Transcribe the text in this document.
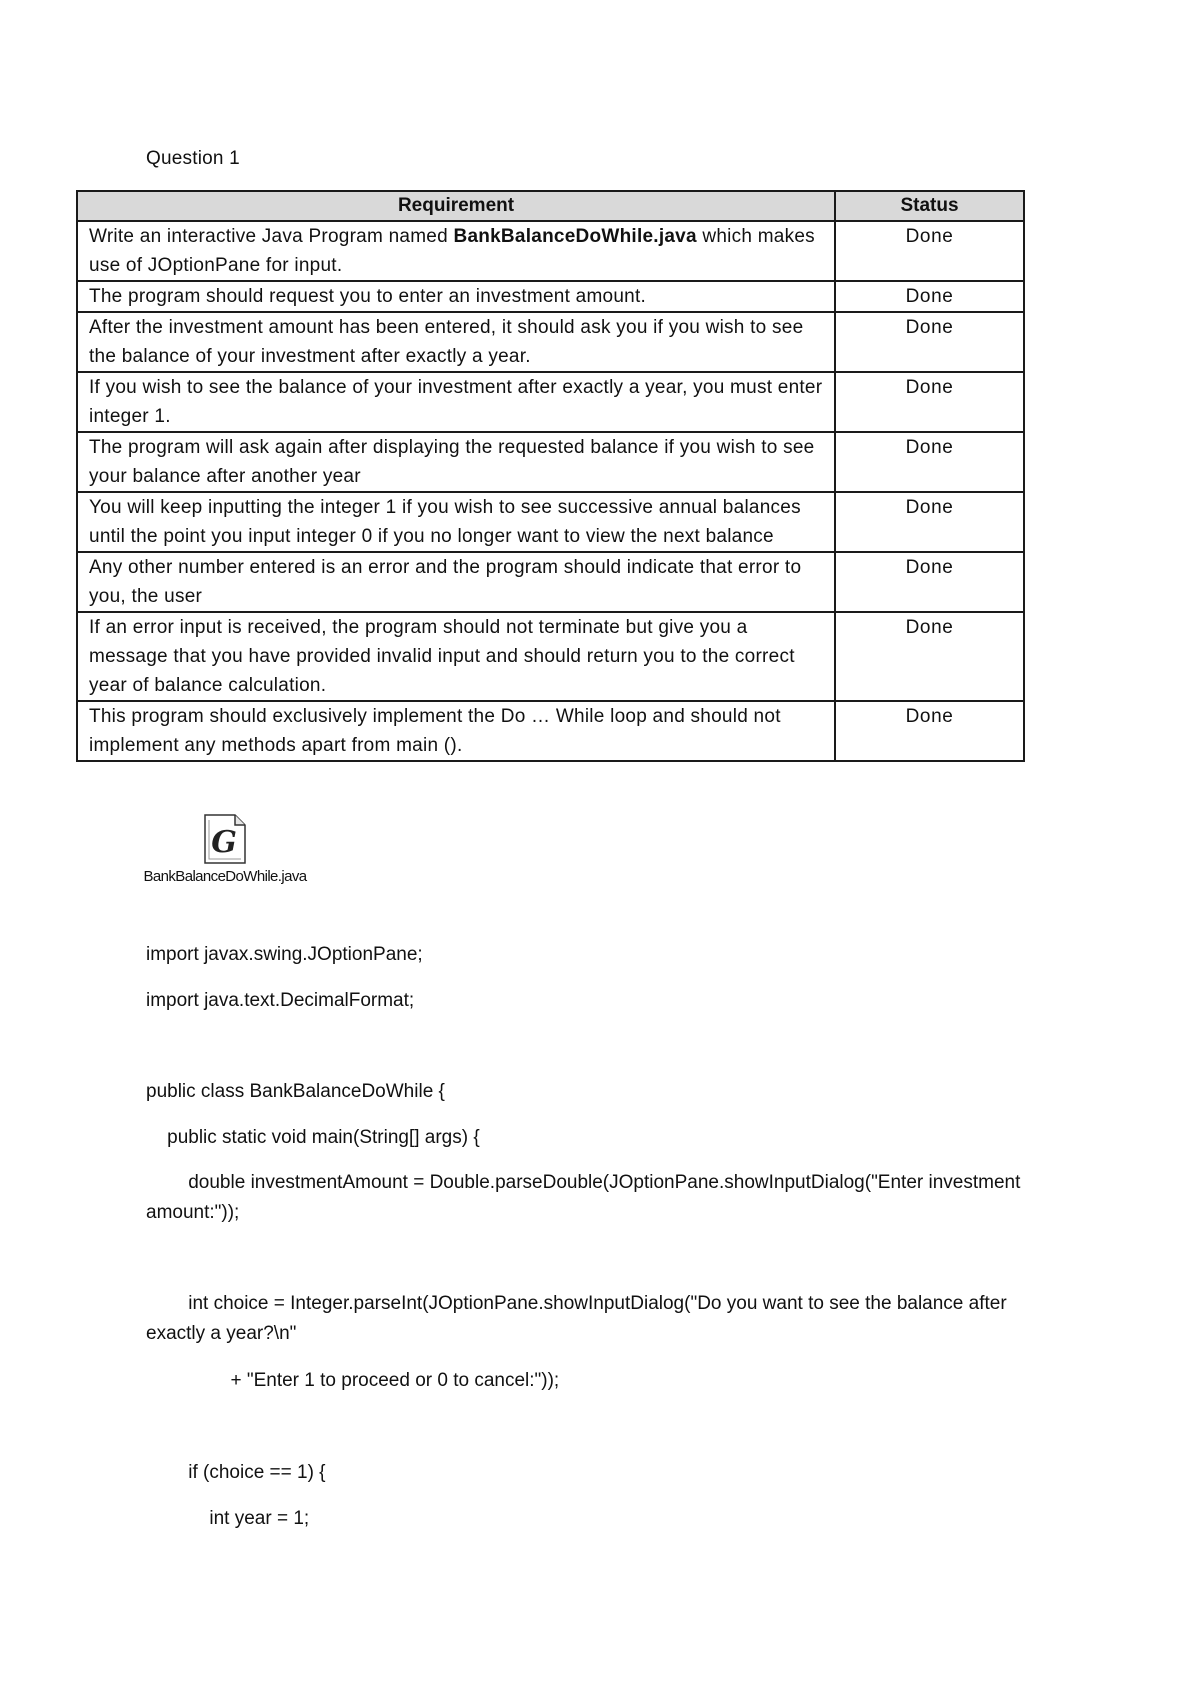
Question 1
Requirement	Status
Write an interactive Java Program named BankBalanceDoWhile.java which makes use of JOptionPane for input.	Done
The program should request you to enter an investment amount.	Done
After the investment amount has been entered, it should ask you if you wish to see the balance of your investment after exactly a year.	Done
If you wish to see the balance of your investment after exactly a year, you must enter integer 1.	Done
The program will ask again after displaying the requested balance if you wish to see your balance after another year	Done
You will keep inputting the integer 1 if you wish to see successive annual balances until the point you input integer 0 if you no longer want to view the next balance	Done
Any other number entered is an error and the program should indicate that error to you, the user	Done
If an error input is received, the program should not terminate but give you a message that you have provided invalid input and should return you to the correct year of balance calculation.	Done
This program should exclusively implement the Do … While loop and should not implement any methods apart from main ().	Done
G
BankBalanceDoWhile.java
import javax.swing.JOptionPane;
import java.text.DecimalFormat;
public class BankBalanceDoWhile {
public static void main(String[] args) {
double investmentAmount = Double.parseDouble(JOptionPane.showInputDialog("Enter investment amount:"));
int choice = Integer.parseInt(JOptionPane.showInputDialog("Do you want to see the balance after exactly a year?\n"
+ "Enter 1 to proceed or 0 to cancel:"));
if (choice == 1) {
int year = 1;
